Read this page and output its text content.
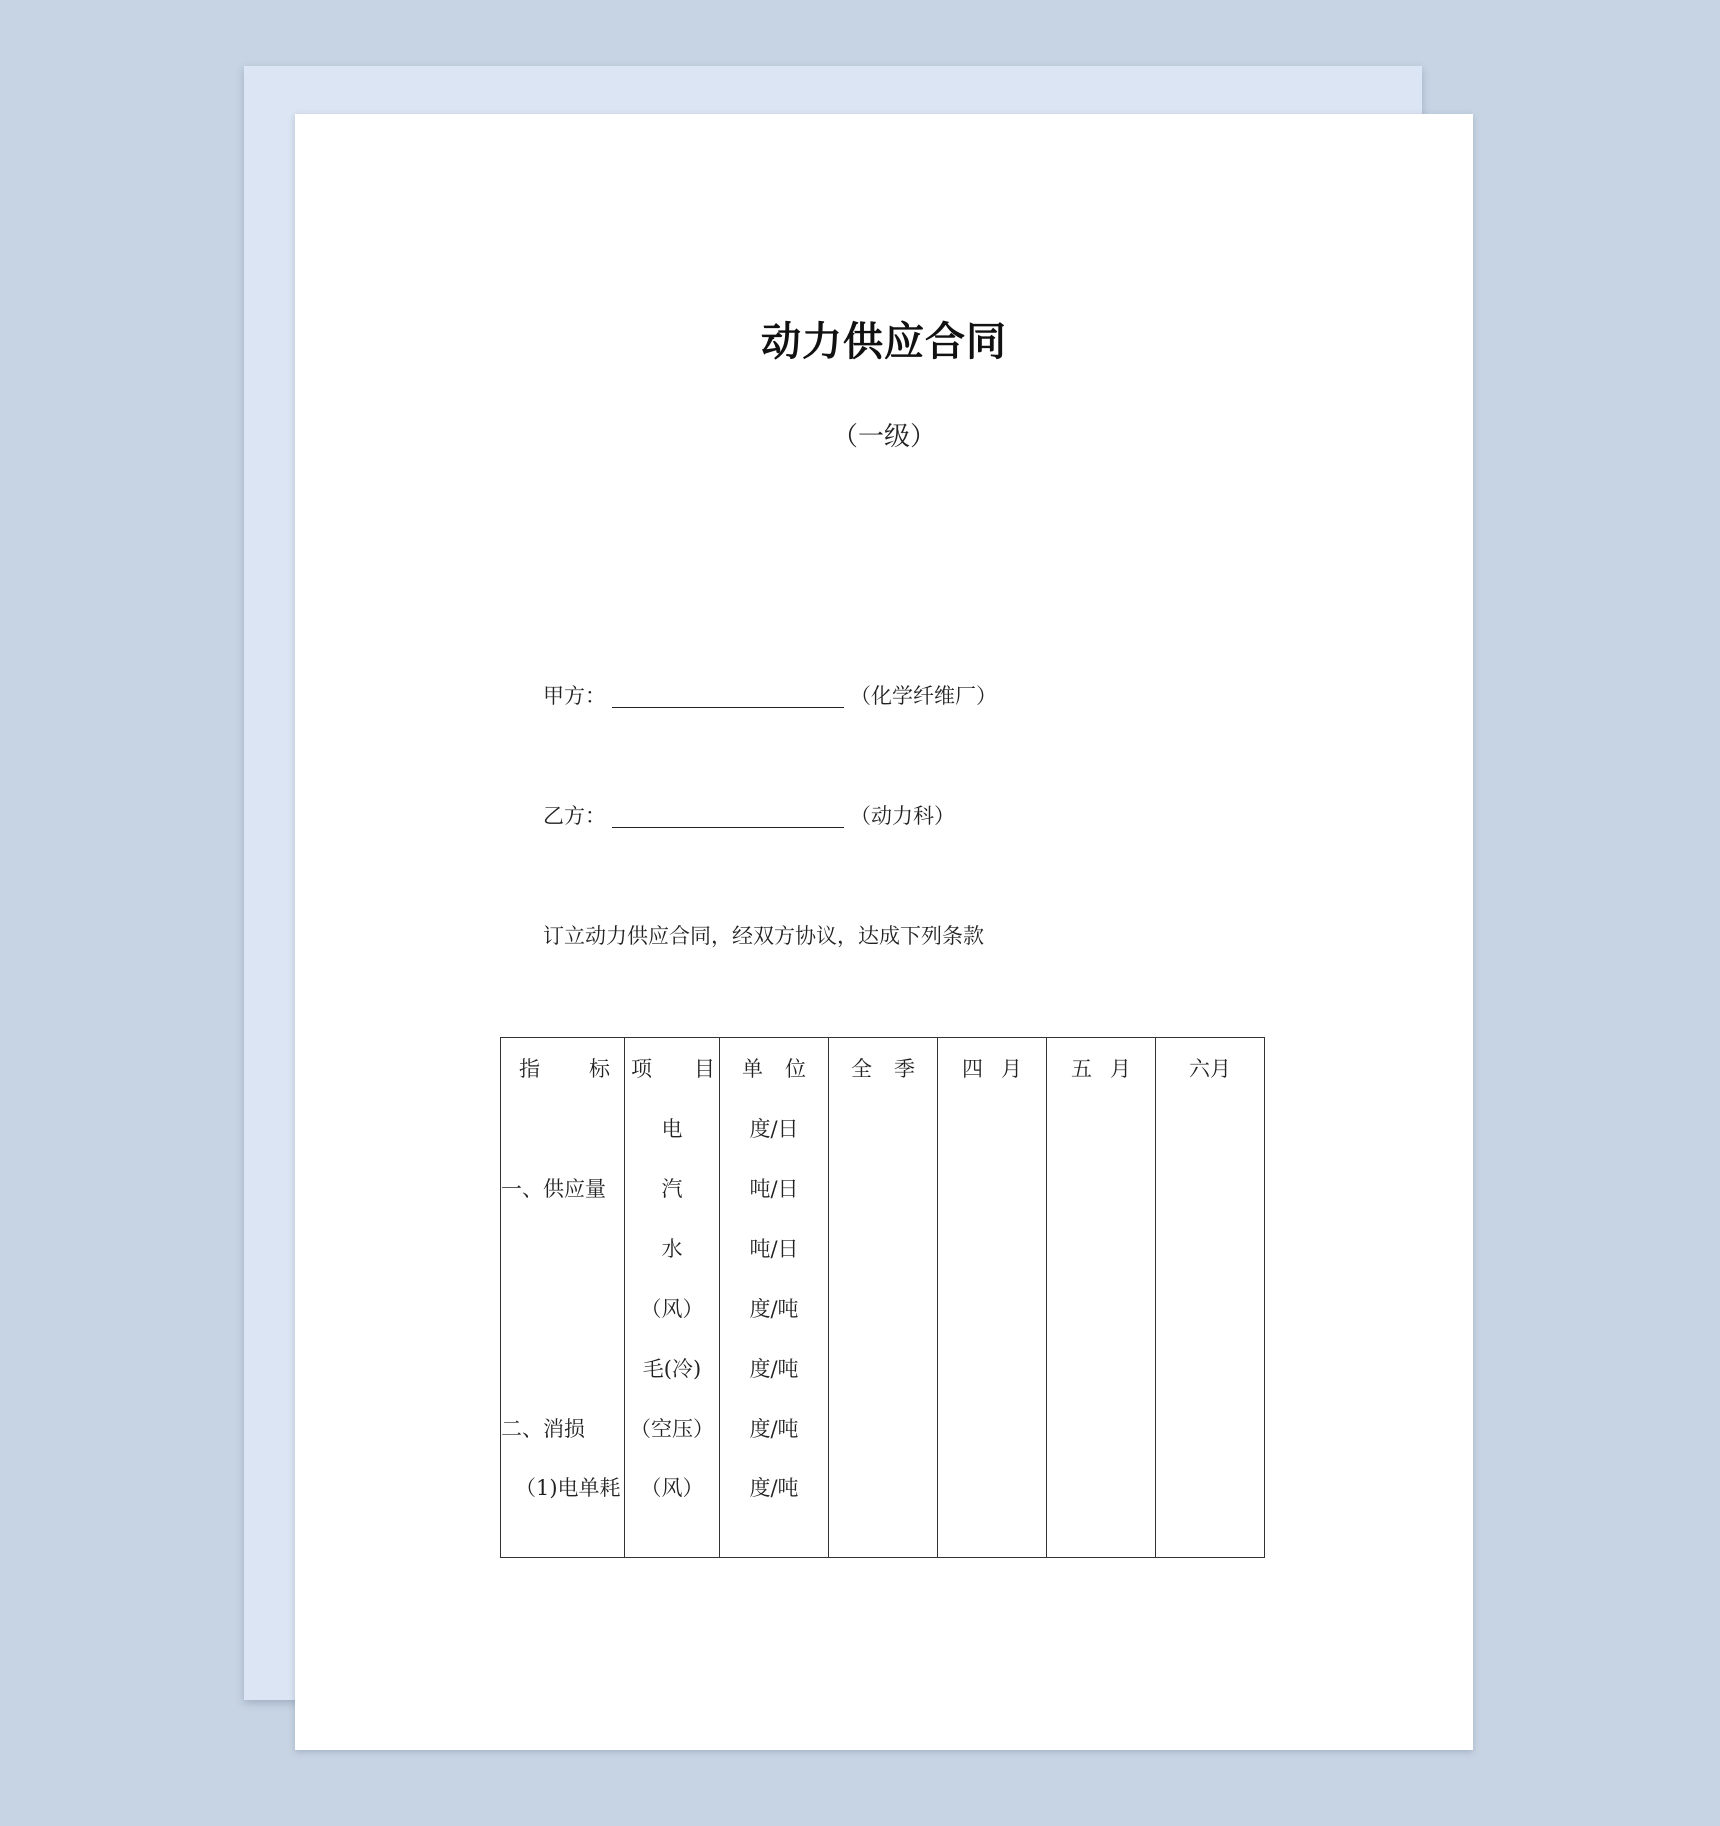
动力供应合同
（一级）
甲方：	（化学纤维厂）
乙方：	（动力科）
订立动力供应合同，经双方协议，达成下列条款
指 标	项 目	单 位	全 季	四 月	五 月	六月
	电	度/日				
一、供应量	汽	吨/日				
	水	吨/日				
	（风）	度/吨				
	毛(冷)	度/吨				
二、消损	（空压）	度/吨				
（1)电单耗	（风）	度/吨				
